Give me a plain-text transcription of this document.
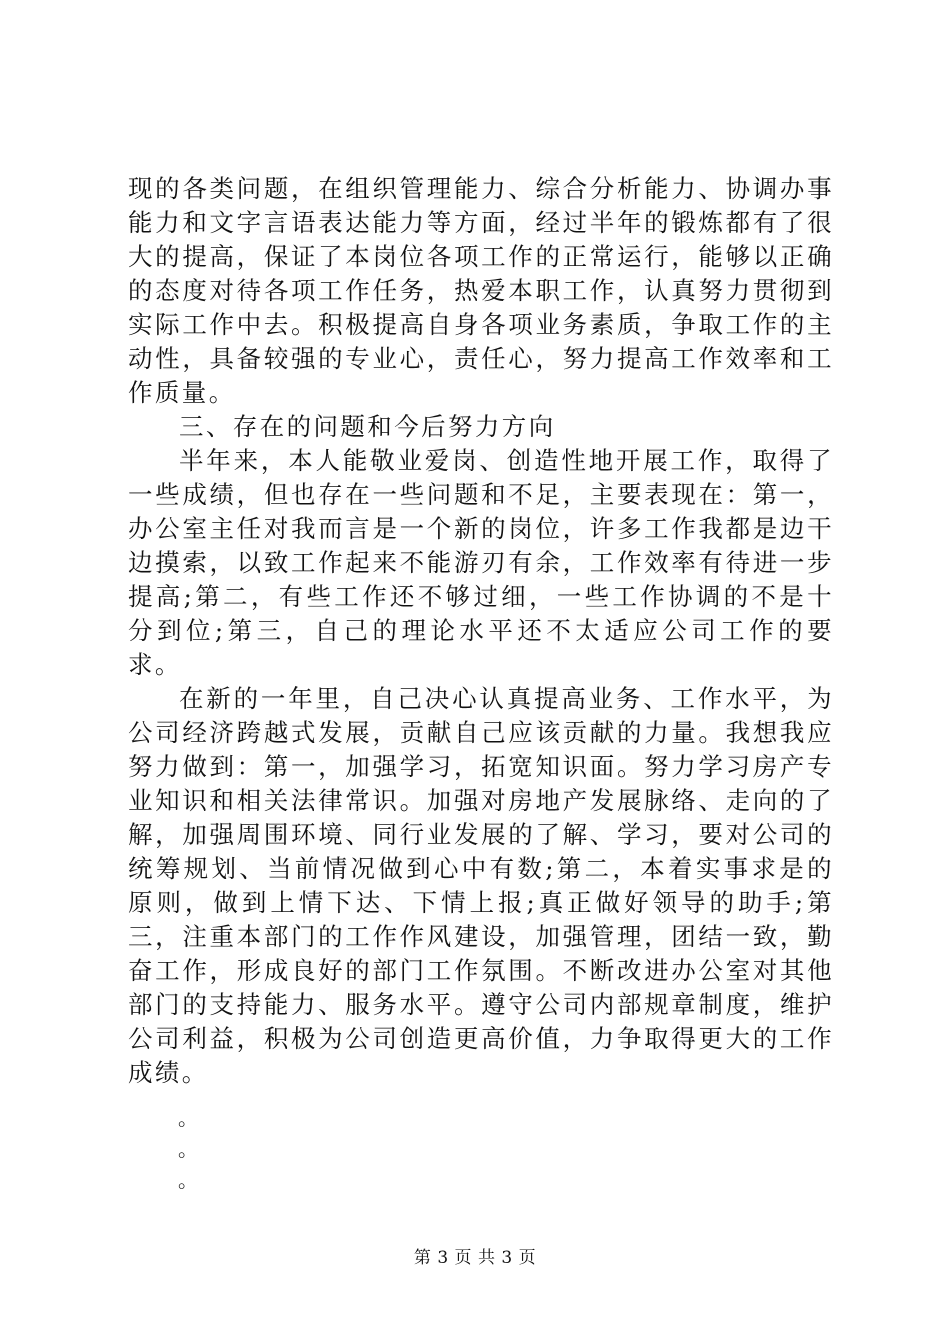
现的各类问题，在组织管理能力、综合分析能力、协调办事能力和文字言语表达能力等方面，经过半年的锻炼都有了很大的提高，保证了本岗位各项工作的正常运行，能够以正确的态度对待各项工作任务，热爱本职工作，认真努力贯彻到实际工作中去。积极提高自身各项业务素质，争取工作的主动性，具备较强的专业心，责任心，努力提高工作效率和工作质量。

三、存在的问题和今后努力方向

半年来，本人能敬业爱岗、创造性地开展工作，取得了一些成绩，但也存在一些问题和不足，主要表现在：第一，办公室主任对我而言是一个新的岗位，许多工作我都是边干边摸索，以致工作起来不能游刃有余，工作效率有待进一步提高;第二，有些工作还不够过细，一些工作协调的不是十分到位;第三，自己的理论水平还不太适应公司工作的要求。

在新的一年里，自己决心认真提高业务、工作水平，为公司经济跨越式发展，贡献自己应该贡献的力量。我想我应努力做到：第一，加强学习，拓宽知识面。努力学习房产专业知识和相关法律常识。加强对房地产发展脉络、走向的了解，加强周围环境、同行业发展的了解、学习，要对公司的统筹规划、当前情况做到心中有数;第二，本着实事求是的原则，做到上情下达、下情上报;真正做好领导的助手;第三，注重本部门的工作作风建设，加强管理，团结一致，勤奋工作，形成良好的部门工作氛围。不断改进办公室对其他部门的支持能力、服务水平。遵守公司内部规章制度，维护公司利益，积极为公司创造更高价值，力争取得更大的工作成绩。

。

。

。

第 3 页 共 3 页
